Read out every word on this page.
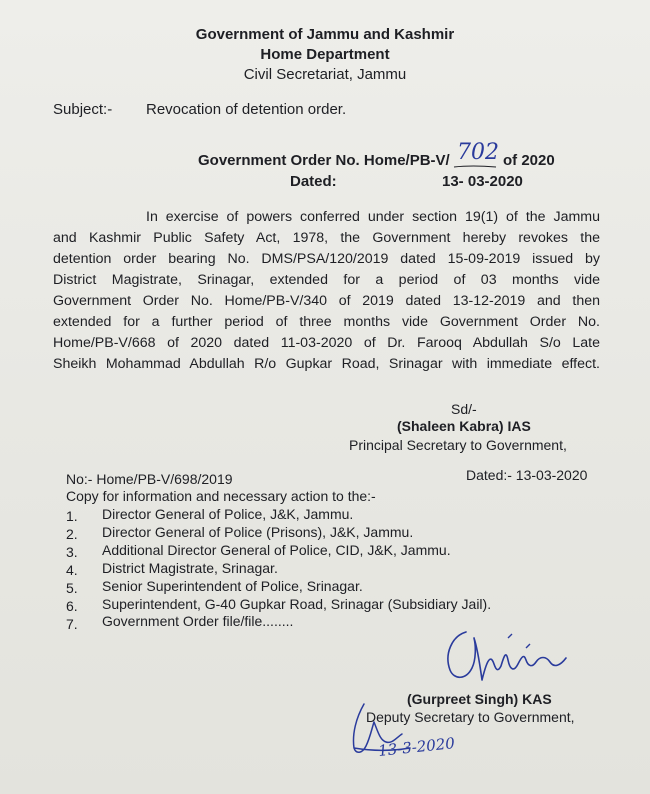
Government of Jammu and Kashmir
Home Department
Civil Secretariat, Jammu
Subject:- Revocation of detention order.
Government Order No. Home/PB-V/ 702 of 2020
Dated:	13- 03-2020
In exercise of powers conferred under section 19(1) of the Jammu
and Kashmir Public Safety Act, 1978, the Government hereby revokes the
detention order bearing No. DMS/PSA/120/2019 dated 15-09-2019 issued by
District Magistrate, Srinagar, extended for a period of 03 months vide
Government Order No. Home/PB-V/340 of 2019 dated 13-12-2019 and then
extended for a further period of three months vide Government Order No.
Home/PB-V/668 of 2020 dated 11-03-2020 of Dr. Farooq Abdullah S/o Late
Sheikh Mohammad Abdullah R/o Gupkar Road, Srinagar with immediate effect.
Sd/-
(Shaleen Kabra) IAS
Principal Secretary to Government,
No:- Home/PB-V/698/2019	Dated:- 13-03-2020
Copy for information and necessary action to the:-
1.	Director General of Police, J&K, Jammu.
2.	Director General of Police (Prisons), J&K, Jammu.
3.	Additional Director General of Police, CID, J&K, Jammu.
4.	District Magistrate, Srinagar.
5.	Senior Superintendent of Police, Srinagar.
6.	Superintendent, G-40 Gupkar Road, Srinagar (Subsidiary Jail).
7.	Government Order file/file........
(Gurpreet Singh) KAS
Deputy Secretary to Government,
13-3-2020
